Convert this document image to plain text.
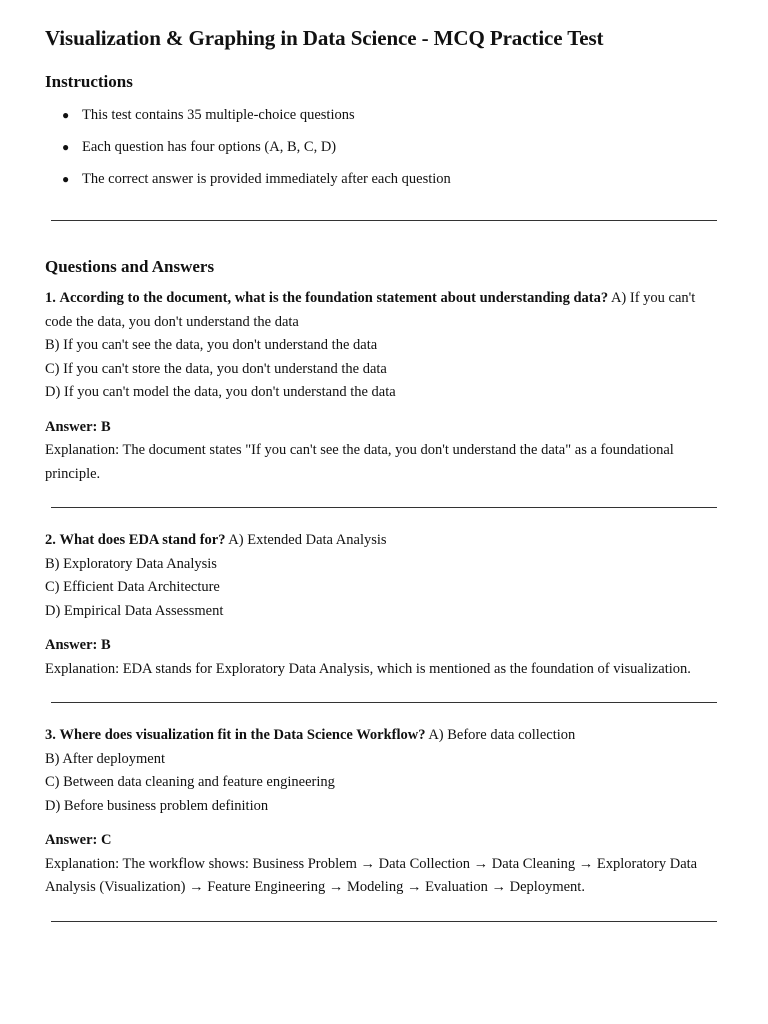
Visualization & Graphing in Data Science - MCQ Practice Test
Instructions
● This test contains 35 multiple-choice questions
● Each question has four options (A, B, C, D)
● The correct answer is provided immediately after each question
Questions and Answers

1. According to the document, what is the foundation statement about understanding data? A) If you can't code the data, you don't understand the data

B) If you can't see the data, you don't understand the data

C) If you can't store the data, you don't understand the data

D) If you can't model the data, you don't understand the data

Answer: B

Explanation: The document states "If you can't see the data, you don't understand the data" as a foundational principle.

2. What does EDA stand for? A) Extended Data Analysis

B) Exploratory Data Analysis

C) Efficient Data Architecture

D) Empirical Data Assessment

Answer: B

Explanation: EDA stands for Exploratory Data Analysis, which is mentioned as the foundation of visualization.

3. Where does visualization fit in the Data Science Workflow? A) Before data collection

B) After deployment

C) Between data cleaning and feature engineering

D) Before business problem definition

Answer: C

Explanation: The workflow shows: Business Problem → Data Collection → Data Cleaning → Exploratory Data Analysis (Visualization) → Feature Engineering → Modeling → Evaluation → Deployment.
